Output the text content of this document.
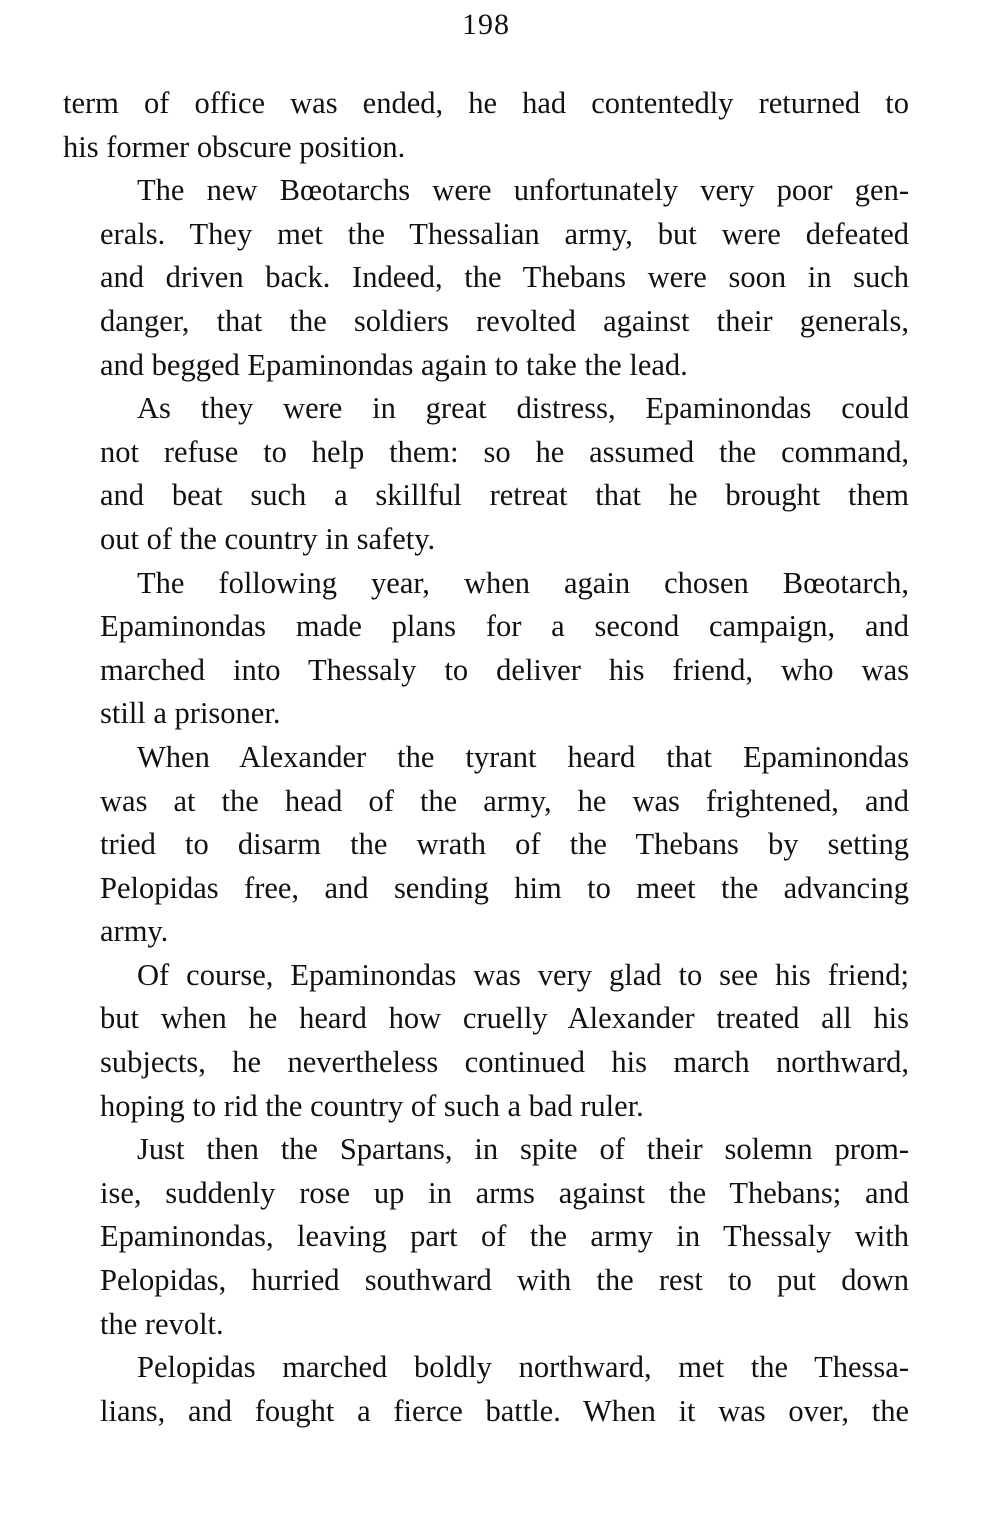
198
term of office was ended, he had contentedly returned to
his former obscure position.
The new Bœotarchs were unfortunately very poor gen-
erals. They met the Thessalian army, but were defeated
and driven back. Indeed, the Thebans were soon in such
danger, that the soldiers revolted against their generals,
and begged Epaminondas again to take the lead.
As they were in great distress, Epaminondas could
not refuse to help them: so he assumed the command,
and beat such a skillful retreat that he brought them
out of the country in safety.
The following year, when again chosen Bœotarch,
Epaminondas made plans for a second campaign, and
marched into Thessaly to deliver his friend, who was
still a prisoner.
When Alexander the tyrant heard that Epaminondas
was at the head of the army, he was frightened, and
tried to disarm the wrath of the Thebans by setting
Pelopidas free, and sending him to meet the advancing
army.
Of course, Epaminondas was very glad to see his friend;
but when he heard how cruelly Alexander treated all his
subjects, he nevertheless continued his march northward,
hoping to rid the country of such a bad ruler.
Just then the Spartans, in spite of their solemn prom-
ise, suddenly rose up in arms against the Thebans; and
Epaminondas, leaving part of the army in Thessaly with
Pelopidas, hurried southward with the rest to put down
the revolt.
Pelopidas marched boldly northward, met the Thessa-
lians, and fought a fierce battle. When it was over, the
